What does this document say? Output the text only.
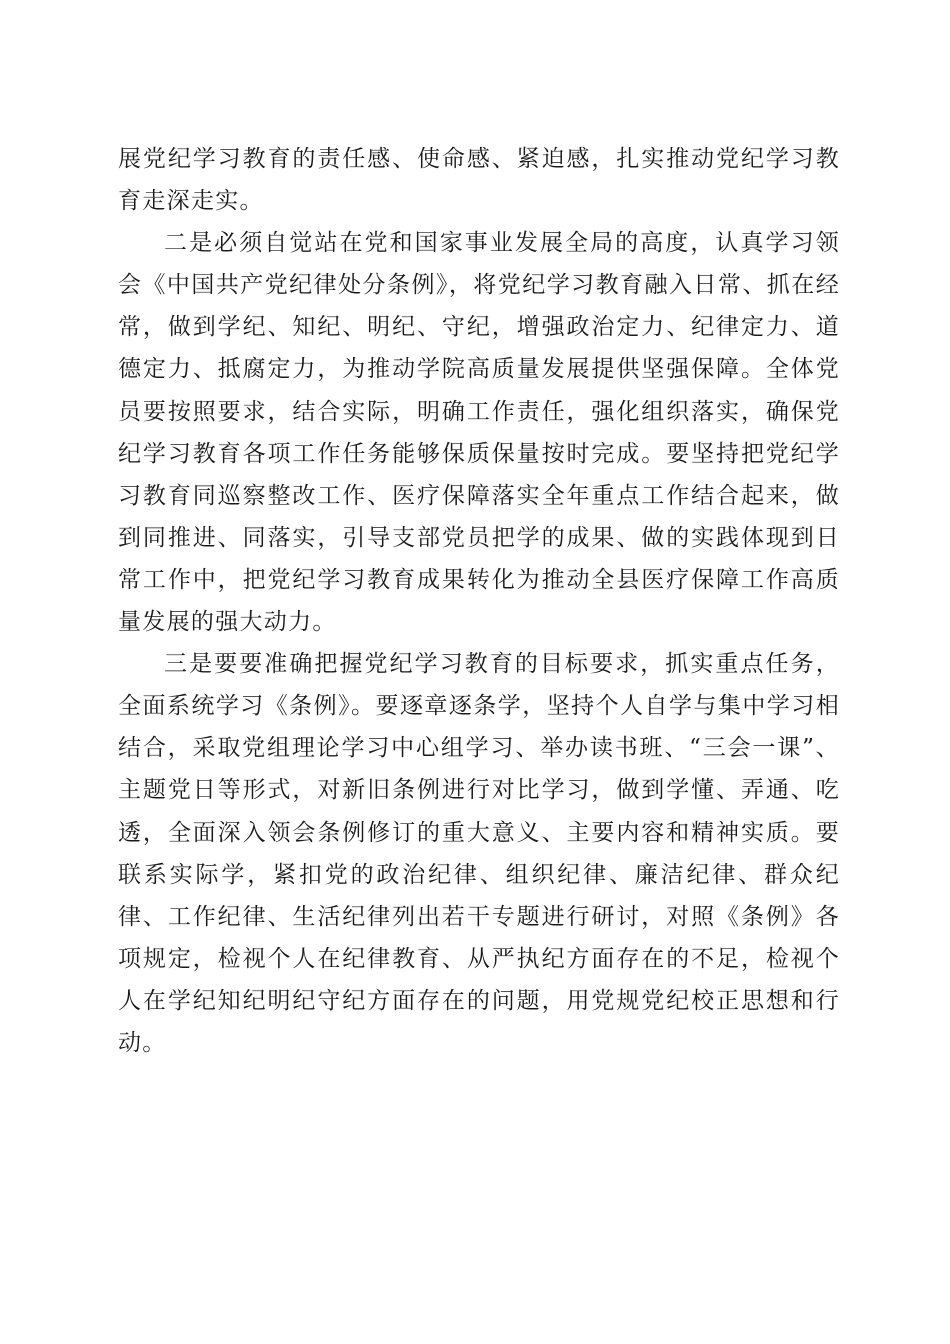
展党纪学习教育的责任感、使命感、紧迫感，扎实推动党纪学习教育走深走实。

二是必须自觉站在党和国家事业发展全局的高度，认真学习领会《中国共产党纪律处分条例》，将党纪学习教育融入日常、抓在经常，做到学纪、知纪、明纪、守纪，增强政治定力、纪律定力、道德定力、抵腐定力，为推动学院高质量发展提供坚强保障。全体党员要按照要求，结合实际，明确工作责任，强化组织落实，确保党纪学习教育各项工作任务能够保质保量按时完成。要坚持把党纪学习教育同巡察整改工作、医疗保障落实全年重点工作结合起来，做到同推进、同落实，引导支部党员把学的成果、做的实践体现到日常工作中，把党纪学习教育成果转化为推动全县医疗保障工作高质量发展的强大动力。

三是要要准确把握党纪学习教育的目标要求，抓实重点任务，全面系统学习《条例》。要逐章逐条学，坚持个人自学与集中学习相结合，采取党组理论学习中心组学习、举办读书班、“三会一课”、主题党日等形式，对新旧条例进行对比学习，做到学懂、弄通、吃透，全面深入领会条例修订的重大意义、主要内容和精神实质。要联系实际学，紧扣党的政治纪律、组织纪律、廉洁纪律、群众纪律、工作纪律、生活纪律列出若干专题进行研讨，对照《条例》各项规定，检视个人在纪律教育、从严执纪方面存在的不足，检视个人在学纪知纪明纪守纪方面存在的问题，用党规党纪校正思想和行动。
